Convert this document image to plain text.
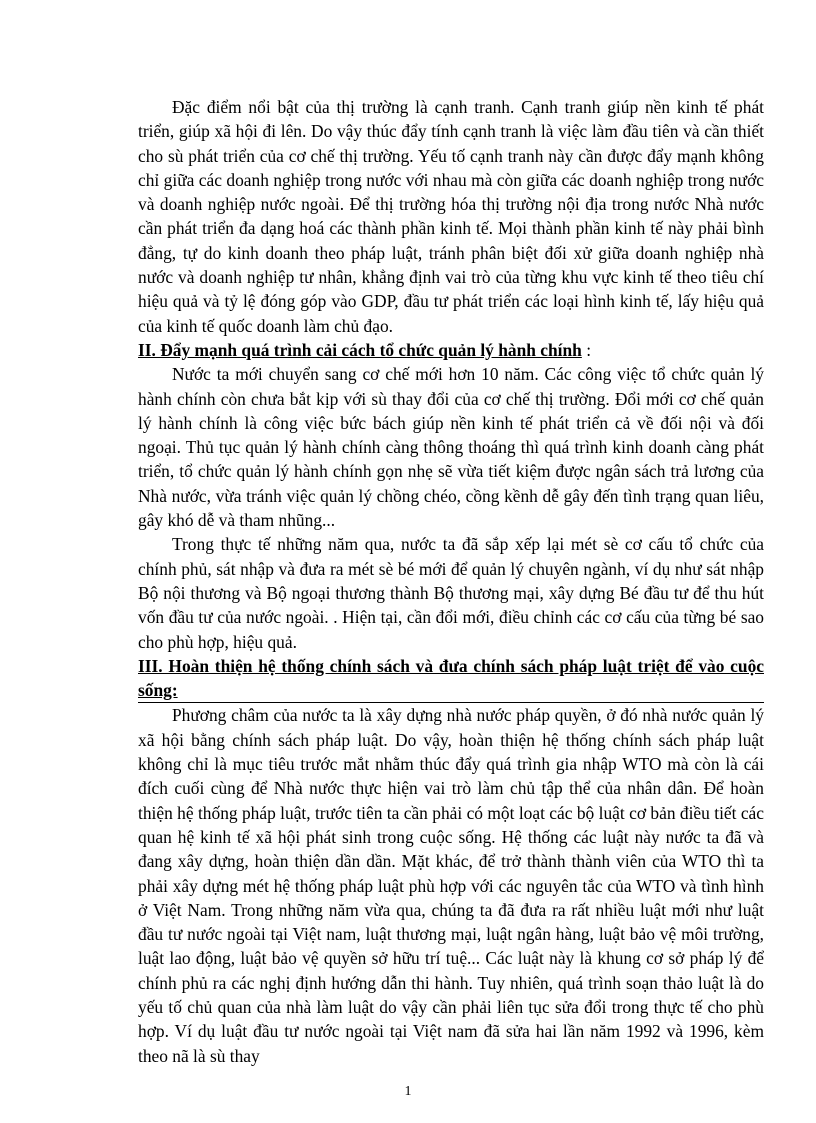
Đặc điểm nổi bật của thị trường là cạnh tranh. Cạnh tranh giúp nền kinh tế phát triển, giúp xã hội đi lên. Do vậy thúc đẩy tính cạnh tranh là việc làm đầu tiên và cần thiết cho sù phát triển của cơ chế thị trường. Yếu tố cạnh tranh này cần được đẩy mạnh không chỉ giữa các doanh nghiệp trong nước với nhau mà còn giữa các doanh nghiệp trong nước và doanh nghiệp nước ngoài. Để thị trường hóa thị trường nội địa trong nước Nhà nước cần phát triển đa dạng hoá các thành phần kinh tế. Mọi thành phần kinh tế này phải bình đẳng, tự do kinh doanh theo pháp luật, tránh phân biệt đối xử giữa doanh nghiệp nhà nước và doanh nghiệp tư nhân, khẳng định vai trò của từng khu vực kinh tế theo tiêu chí hiệu quả và tỷ lệ đóng góp vào GDP, đầu tư phát triển các loại hình kinh tế, lấy hiệu quả của kinh tế quốc doanh làm chủ đạo.

II. Đẩy mạnh quá trình cải cách tổ chức quản lý hành chính :

Nước ta mới chuyển sang cơ chế mới hơn 10 năm. Các công việc tổ chức quản lý hành chính còn chưa bắt kịp với sù thay đổi của cơ chế thị trường. Đổi mới cơ chế quản lý hành chính là công việc bức bách giúp nền kinh tế phát triển cả về đối nội và đối ngoại. Thủ tục quản lý hành chính càng thông thoáng thì quá trình kinh doanh càng phát triển, tổ chức quản lý hành chính gọn nhẹ sẽ vừa tiết kiệm được ngân sách trả lương của Nhà nước, vừa tránh việc quản lý chồng chéo, cồng kềnh dễ gây đến tình trạng quan liêu, gây khó dễ và tham nhũng...

Trong thực tế những năm qua, nước ta đã sắp xếp lại mét sè cơ cấu tổ chức của chính phủ, sát nhập và đưa ra mét sè bé mới để quản lý chuyên ngành, ví dụ như sát nhập Bộ nội thương và Bộ ngoại thương thành Bộ thương mại, xây dựng Bé đầu tư để thu hút vốn đầu tư của nước ngoài. . Hiện tại, cần đổi mới, điều chỉnh các cơ cấu của từng bé sao cho phù hợp, hiệu quả.

III. Hoàn thiện hệ thống chính sách và đưa chính sách pháp luật triệt để vào cuộc sống:

Phương châm của nước ta là xây dựng nhà nước pháp quyền, ở đó nhà nước quản lý xã hội bằng chính sách pháp luật. Do vậy, hoàn thiện hệ thống chính sách pháp luật không chỉ là mục tiêu trước mắt nhằm thúc đẩy quá trình gia nhập WTO mà còn là cái đích cuối cùng để Nhà nước thực hiện vai trò làm chủ tập thể của nhân dân. Để hoàn thiện hệ thống pháp luật, trước tiên ta cần phải có một loạt các bộ luật cơ bản điều tiết các quan hệ kinh tế xã hội phát sinh trong cuộc sống. Hệ thống các luật này nước ta đã và đang xây dựng, hoàn thiện dần dần. Mặt khác, để trở thành thành viên của WTO thì ta phải xây dựng mét hệ thống pháp luật phù hợp với các nguyên tắc của WTO và tình hình ở Việt Nam. Trong những năm vừa qua, chúng ta đã đưa ra rất nhiều luật mới như luật đầu tư nước ngoài tại Việt nam, luật thương mại, luật ngân hàng, luật bảo vệ môi trường, luật lao động, luật bảo vệ quyền sở hữu trí tuệ... Các luật này là khung cơ sở pháp lý để chính phủ ra các nghị định hướng dẫn thi hành. Tuy nhiên, quá trình soạn thảo luật là do yếu tố chủ quan của nhà làm luật do vậy cần phải liên tục sửa đổi trong thực tế cho phù hợp. Ví dụ luật đầu tư nước ngoài tại Việt nam đã sửa hai lần năm 1992 và 1996, kèm theo nã là sù thay

1
